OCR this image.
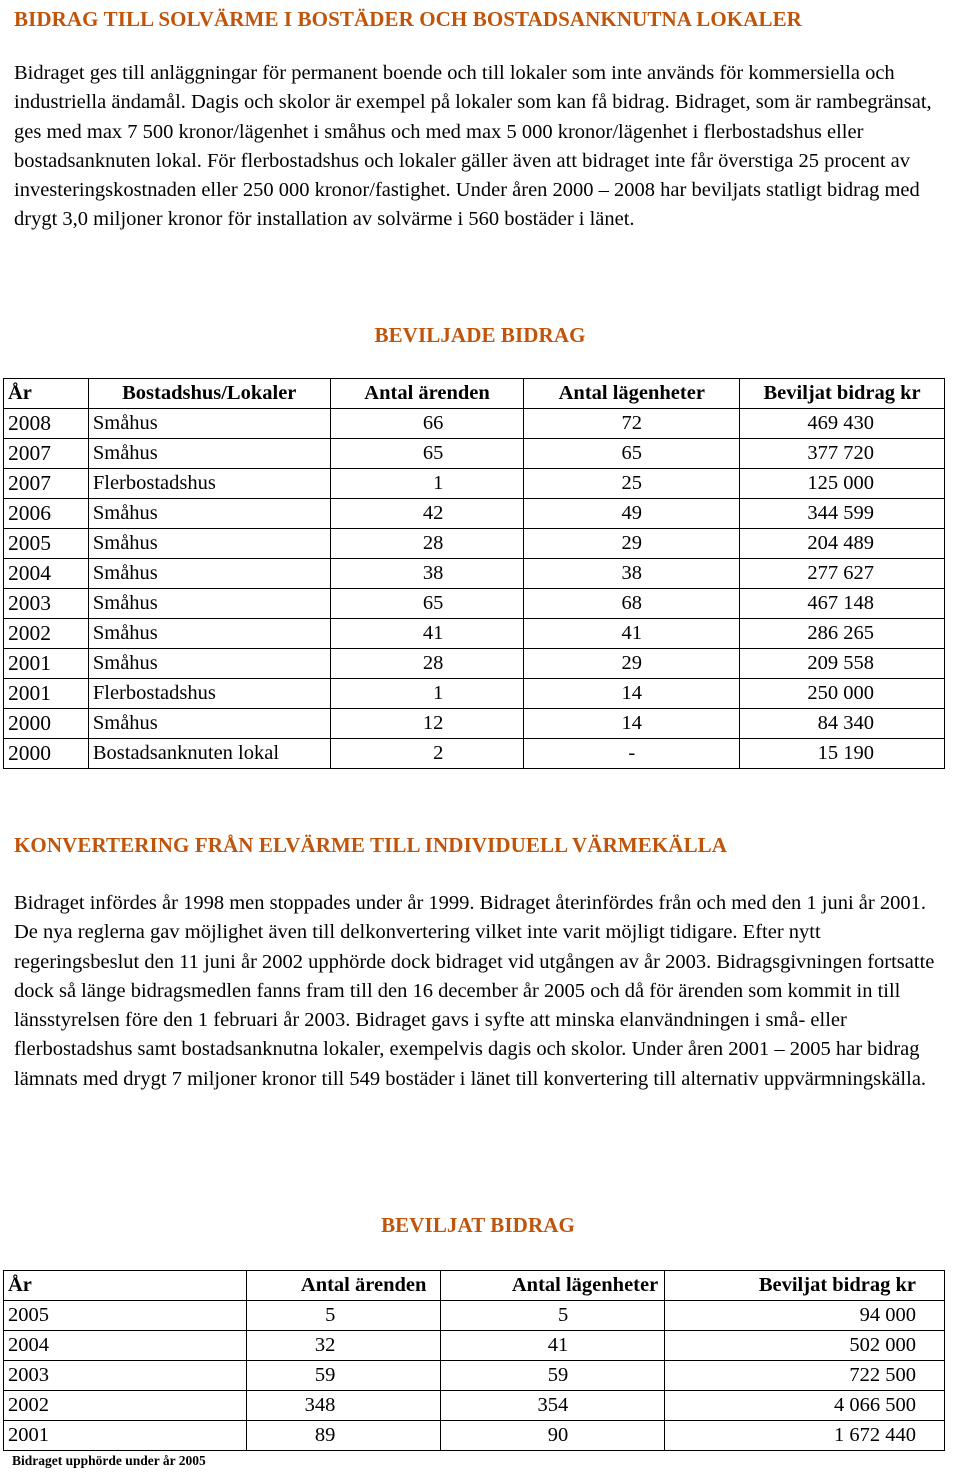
BIDRAG TILL SOLVÄRME I BOSTÄDER OCH BOSTADSANKNUTNA LOKALER

Bidraget ges till anläggningar för permanent boende och till lokaler som inte används för kommersiella och industriella ändamål. Dagis och skolor är exempel på lokaler som kan få bidrag. Bidraget, som är rambegränsat, ges med max 7 500 kronor/lägenhet i småhus och med max 5 000 kronor/lägenhet i flerbostadshus eller bostadsanknuten lokal. För flerbostadshus och lokaler gäller även att bidraget inte får överstiga 25 procent av investeringskostnaden eller 250 000 kronor/fastighet. Under åren 2000 – 2008 har beviljats statligt bidrag med drygt 3,0 miljoner kronor för installation av solvärme i 560 bostäder i länet.

BEVILJADE BIDRAG
År	Bostadshus/Lokaler	Antal ärenden	Antal lägenheter	Beviljat bidrag kr
2008	Småhus	66	72	469 430
2007	Småhus	65	65	377 720
2007	Flerbostadshus	1	25	125 000
2006	Småhus	42	49	344 599
2005	Småhus	28	29	204 489
2004	Småhus	38	38	277 627
2003	Småhus	65	68	467 148
2002	Småhus	41	41	286 265
2001	Småhus	28	29	209 558
2001	Flerbostadshus	1	14	250 000
2000	Småhus	12	14	84 340
2000	Bostadsanknuten lokal	2	-	15 190
KONVERTERING FRÅN ELVÄRME TILL INDIVIDUELL VÄRMEKÄLLA

Bidraget infördes år 1998 men stoppades under år 1999. Bidraget återinfördes från och med den 1 juni år 2001. De nya reglerna gav möjlighet även till delkonvertering vilket inte varit möjligt tidigare. Efter nytt regeringsbeslut den 11 juni år 2002 upphörde dock bidraget vid utgången av år 2003. Bidragsgivningen fortsatte dock så länge bidragsmedlen fanns fram till den 16 december år 2005 och då för ärenden som kommit in till länsstyrelsen före den 1 februari år 2003. Bidraget gavs i syfte att minska elanvändningen i små- eller flerbostadshus samt bostadsanknutna lokaler, exempelvis dagis och skolor. Under åren 2001 – 2005 har bidrag lämnats med drygt 7 miljoner kronor till 549 bostäder i länet till konvertering till alternativ uppvärmningskälla.

BEVILJAT BIDRAG
År	Antal ärenden	Antal lägenheter	Beviljat bidrag kr
2005	5	5	94 000
2004	32	41	502 000
2003	59	59	722 500
2002	348	354	4 066 500
2001	89	90	1 672 440
Bidraget upphörde under år 2005
